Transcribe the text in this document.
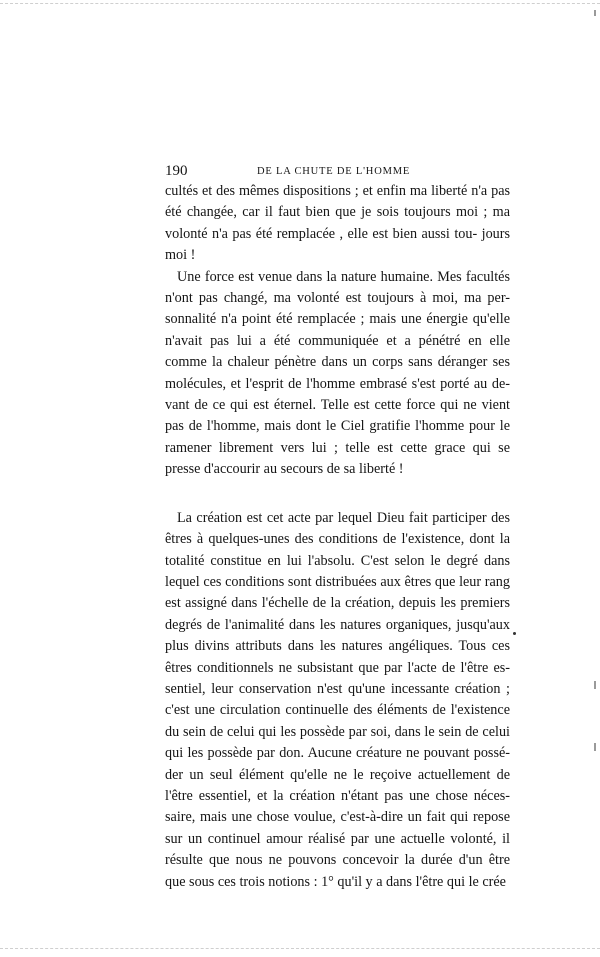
190	DE LA CHUTE DE L'HOMME

cultés et des mêmes dispositions ; et enfin ma liberté n'a pas été changée, car il faut bien que je sois toujours moi ; ma volonté n'a pas été remplacée , elle est bien aussi tou- jours moi !

Une force est venue dans la nature humaine. Mes facultés n'ont pas changé, ma volonté est toujours à moi, ma per- sonnalité n'a point été remplacée ; mais une énergie qu'elle n'avait pas lui a été communiquée et a pénétré en elle comme la chaleur pénètre dans un corps sans déranger ses molécules, et l'esprit de l'homme embrasé s'est porté au de- vant de ce qui est éternel. Telle est cette force qui ne vient pas de l'homme, mais dont le Ciel gratifie l'homme pour le ramener librement vers lui ; telle est cette grace qui se presse d'accourir au secours de sa liberté !

La création est cet acte par lequel Dieu fait participer des êtres à quelques-unes des conditions de l'existence, dont la totalité constitue en lui l'absolu. C'est selon le degré dans lequel ces conditions sont distribuées aux êtres que leur rang est assigné dans l'échelle de la création, depuis les premiers degrés de l'animalité dans les natures organiques, jusqu'aux plus divins attributs dans les natures angéliques. Tous ces êtres conditionnels ne subsistant que par l'acte de l'être es- sentiel, leur conservation n'est qu'une incessante création ; c'est une circulation continuelle des éléments de l'existence du sein de celui qui les possède par soi, dans le sein de celui qui les possède par don. Aucune créature ne pouvant possé- der un seul élément qu'elle ne le reçoive actuellement de l'être essentiel, et la création n'étant pas une chose néces- saire, mais une chose voulue, c'est-à-dire un fait qui repose sur un continuel amour réalisé par une actuelle volonté, il résulte que nous ne pouvons concevoir la durée d'un être que sous ces trois notions : 1° qu'il y a dans l'être qui le crée
